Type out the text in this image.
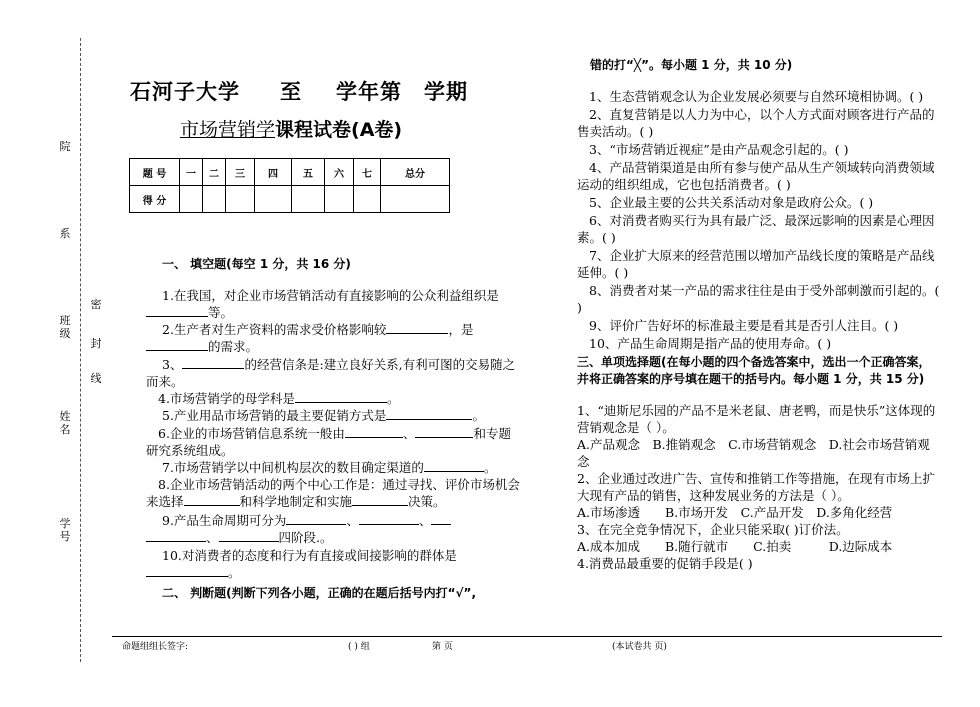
院
系
班级
姓名
学号
密
封
线
石河子大学 至 学年第 学期
市场营销学课程试卷(A卷)
题 号	一	二	三	四	五	六	七	总分
得 分								
一、 填空题(每空 1 分，共 16 分)
1.在我国，对企业市场营销活动有直接影响的公众利益组织是等。
2.生产者对生产资料的需求受价格影响较	，是
的需求。
3、	的经营信条是:建立良好关系,有利可图的交易随之而来。
4.市场营销学的母学科是	。
5.产业用品市场营销的最主要促销方式是	。
6.企业的市场营销信息系统一般由	、	和专题研究系统组成。
7.市场营销学以中间机构层次的数目确定渠道的	。
8.企业市场营销活动的两个中心工作是：通过寻找、评价市场机会来选择	和科学地制定和实施	决策。
9.产品生命周期可分为	、	、
、	四阶段.。
10.对消费者的态度和行为有直接或间接影响的群体是
。
二、 判断题(判断下列各小题，正确的在题后括号内打“√”,
错的打“╳”。每小题 1 分，共 10 分)
1、生态营销观念认为企业发展必须要与自然环境相协调。( )
2、直复营销是以人力为中心，以个人方式面对顾客进行产品的售卖活动。( )
3、“市场营销近视症”是由产品观念引起的。( )
4、产品营销渠道是由所有参与使产品从生产领域转向消费领域运动的组织组成，它也包括消费者。( )
5、企业最主要的公共关系活动对象是政府公众。( )
6、对消费者购买行为具有最广泛、最深远影响的因素是心理因素。( )
7、企业扩大原来的经营范围以增加产品线长度的策略是产品线延伸。( )
8、消费者对某一产品的需求往往是由于受外部刺激而引起的。( )
9、评价广告好坏的标准最主要是看其是否引人注目。( )
10、产品生命周期是指产品的使用寿命。( )
三、单项选择题(在每小题的四个备选答案中，选出一个正确答案，并将正确答案的序号填在题干的括号内。每小题 1 分，共 15 分)
1、“迪斯尼乐园的产品不是米老鼠、唐老鸭，而是快乐”这体现的营销观念是（ ）。
A.产品观念　B.推销观念　C.市场营销观念　D.社会市场营销观念
2、企业通过改进广告、宣传和推销工作等措施，在现有市场上扩大现有产品的销售，这种发展业务的方法是（ ）。
A.市场渗透　　B.市场开发　C.产品开发　D.多角化经营
3、在完全竞争情况下，企业只能采取( )订价法。
A.成本加成　　B.随行就市　　C.拍卖　　　D.边际成本
4.消费品最重要的促销手段是( )
命题组组长签字:	( ) 组	第 页	(本试卷共 页)
